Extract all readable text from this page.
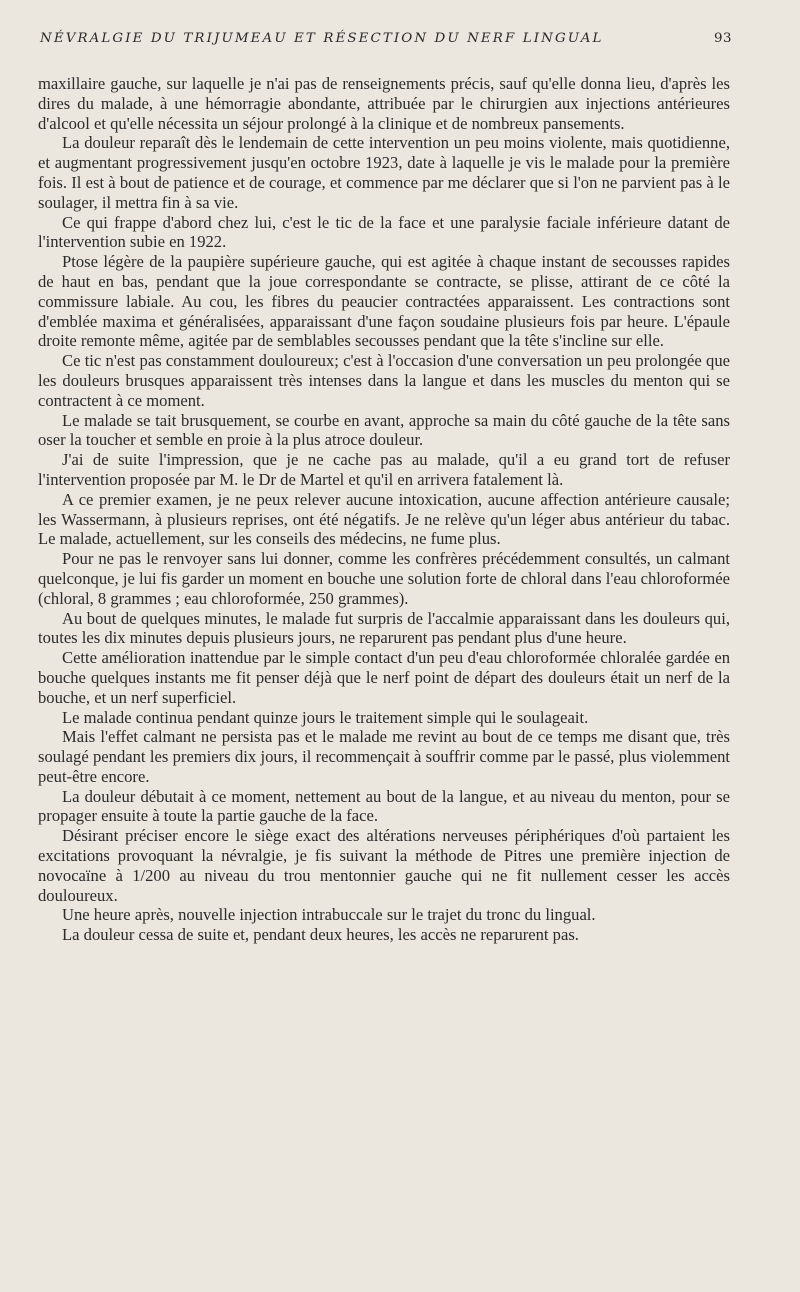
NÉVRALGIE DU TRIJUMEAU ET RÉSECTION DU NERF LINGUAL	93

maxillaire gauche, sur laquelle je n'ai pas de renseignements précis, sauf qu'elle donna lieu, d'après les dires du malade, à une hémorragie abondante, attribuée par le chirurgien aux injections antérieures d'alcool et qu'elle nécessita un séjour prolongé à la clinique et de nombreux pansements.

La douleur reparaît dès le lendemain de cette intervention un peu moins violente, mais quotidienne, et augmentant progressivement jusqu'en octobre 1923, date à laquelle je vis le malade pour la première fois. Il est à bout de patience et de courage, et commence par me déclarer que si l'on ne parvient pas à le soulager, il mettra fin à sa vie.

Ce qui frappe d'abord chez lui, c'est le tic de la face et une paralysie faciale inférieure datant de l'intervention subie en 1922.

Ptose légère de la paupière supérieure gauche, qui est agitée à chaque instant de secousses rapides de haut en bas, pendant que la joue correspondante se contracte, se plisse, attirant de ce côté la commissure labiale. Au cou, les fibres du peaucier contractées apparaissent. Les contractions sont d'emblée maxima et généralisées, apparaissant d'une façon soudaine plusieurs fois par heure. L'épaule droite remonte même, agitée par de semblables secousses pendant que la tête s'incline sur elle.

Ce tic n'est pas constamment douloureux; c'est à l'occasion d'une conversation un peu prolongée que les douleurs brusques apparaissent très intenses dans la langue et dans les muscles du menton qui se contractent à ce moment.

Le malade se tait brusquement, se courbe en avant, approche sa main du côté gauche de la tête sans oser la toucher et semble en proie à la plus atroce douleur.

J'ai de suite l'impression, que je ne cache pas au malade, qu'il a eu grand tort de refuser l'intervention proposée par M. le Dr de Martel et qu'il en arrivera fatalement là.

A ce premier examen, je ne peux relever aucune intoxication, aucune affection antérieure causale; les Wassermann, à plusieurs reprises, ont été négatifs. Je ne relève qu'un léger abus antérieur du tabac. Le malade, actuellement, sur les conseils des médecins, ne fume plus.

Pour ne pas le renvoyer sans lui donner, comme les confrères précédemment consultés, un calmant quelconque, je lui fis garder un moment en bouche une solution forte de chloral dans l'eau chloroformée (chloral, 8 grammes ; eau chloroformée, 250 grammes).

Au bout de quelques minutes, le malade fut surpris de l'accalmie apparaissant dans les douleurs qui, toutes les dix minutes depuis plusieurs jours, ne reparurent pas pendant plus d'une heure.

Cette amélioration inattendue par le simple contact d'un peu d'eau chloroformée chloralée gardée en bouche quelques instants me fit penser déjà que le nerf point de départ des douleurs était un nerf de la bouche, et un nerf superficiel.

Le malade continua pendant quinze jours le traitement simple qui le soulageait.

Mais l'effet calmant ne persista pas et le malade me revint au bout de ce temps me disant que, très soulagé pendant les premiers dix jours, il recommençait à souffrir comme par le passé, plus violemment peut-être encore.

La douleur débutait à ce moment, nettement au bout de la langue, et au niveau du menton, pour se propager ensuite à toute la partie gauche de la face.

Désirant préciser encore le siège exact des altérations nerveuses périphériques d'où partaient les excitations provoquant la névralgie, je fis suivant la méthode de Pitres une première injection de novocaïne à 1/200 au niveau du trou mentonnier gauche qui ne fit nullement cesser les accès douloureux.

Une heure après, nouvelle injection intrabuccale sur le trajet du tronc du lingual.

La douleur cessa de suite et, pendant deux heures, les accès ne reparurent pas.
